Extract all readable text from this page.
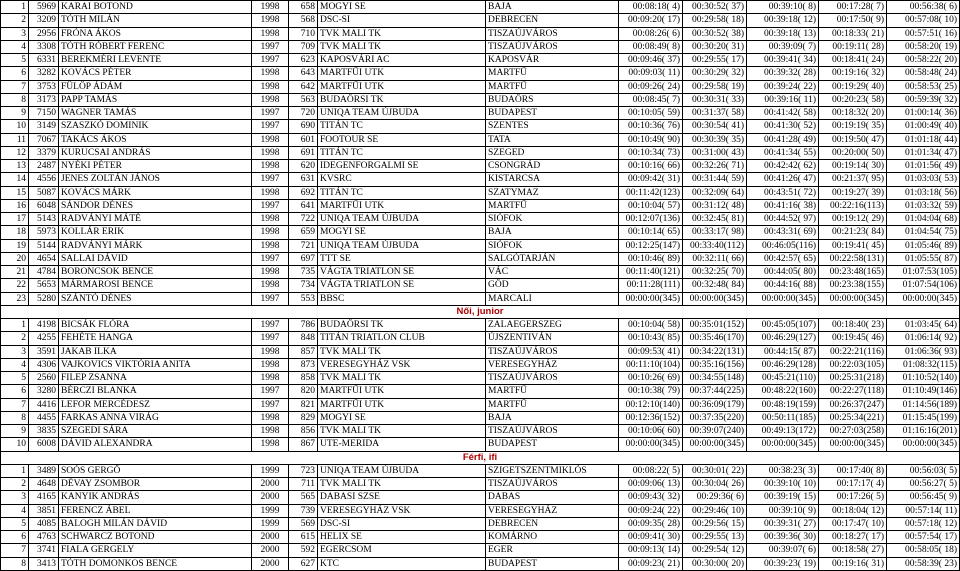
1	5969	KARAI BOTOND	1998	658	MOGYI SE	BAJA	00:08:18( 4)	00:30:52( 37)	00:39:10( 8)	00:17:28( 7)	00:56:38( 6)
2	3209	TÓTH MILÁN	1998	568	DSC-SI	DEBRECEN	00:09:20( 17)	00:29:58( 18)	00:39:18( 12)	00:17:50( 9)	00:57:08( 10)
3	2956	FRÓNA ÁKOS	1998	710	TVK MALI TK	TISZAÚJVÁROS	00:08:26( 6)	00:30:52( 38)	00:39:18( 13)	00:18:33( 21)	00:57:51( 16)
4	3308	TÓTH RÓBERT FERENC	1997	709	TVK MALI TK	TISZAÚJVÁROS	00:08:49( 8)	00:30:20( 31)	00:39:09( 7)	00:19:11( 28)	00:58:20( 19)
5	6331	BEREKMÉRI LEVENTE	1997	623	KAPOSVÁRI AC	KAPOSVÁR	00:09:46( 37)	00:29:55( 17)	00:39:41( 34)	00:18:41( 24)	00:58:22( 20)
6	3282	KOVÁCS PÉTER	1998	643	MARTFŰI UTK	MARTFŰ	00:09:03( 11)	00:30:29( 32)	00:39:32( 28)	00:19:16( 32)	00:58:48( 24)
7	3753	FÜLÖP ÁDÁM	1998	642	MARTFŰI UTK	MARTFŰ	00:09:26( 24)	00:29:58( 19)	00:39:24( 22)	00:19:29( 40)	00:58:53( 25)
8	3173	PAPP TAMÁS	1998	563	BUDAÖRSI TK	BUDAÖRS	00:08:45( 7)	00:30:31( 33)	00:39:16( 11)	00:20:23( 58)	00:59:39( 32)
9	7150	WAGNER TAMÁS	1997	720	UNIQA TEAM ÚJBUDA	BUDAPEST	00:10:05( 59)	00:31:37( 58)	00:41:42( 58)	00:18:32( 20)	01:00:14( 36)
10	3149	SZASZKÓ DOMINIK	1997	690	TITÁN TC	SZENTES	00:10:36( 76)	00:30:54( 41)	00:41:30( 52)	00:19:19( 35)	01:00:49( 40)
11	7067	TAKÁCS ÁKOS	1998	601	FOOTOUR SE	TATA	00:10:49( 90)	00:30:39( 35)	00:41:28( 49)	00:19:50( 47)	01:01:18( 44)
12	3379	KURUCSAI ANDRÁS	1998	691	TITÁN TC	SZEGED	00:10:34( 73)	00:31:00( 43)	00:41:34( 55)	00:20:00( 50)	01:01:34( 47)
13	2487	NYÉKI PÉTER	1998	620	IDEGENFORGALMI SE	CSONGRÁD	00:10:16( 66)	00:32:26( 71)	00:42:42( 62)	00:19:14( 30)	01:01:56( 49)
14	4556	JENES ZOLTÁN JÁNOS	1997	631	KVSRC	KISTARCSA	00:09:42( 31)	00:31:44( 59)	00:41:26( 47)	00:21:37( 95)	01:03:03( 53)
15	5087	KOVÁCS MÁRK	1998	692	TITÁN TC	SZATYMAZ	00:11:42(123)	00:32:09( 64)	00:43:51( 72)	00:19:27( 39)	01:03:18( 56)
16	6048	SÁNDOR DÉNES	1997	641	MARTFŰI UTK	MARTFŰ	00:10:04( 57)	00:31:12( 48)	00:41:16( 38)	00:22:16(113)	01:03:32( 59)
17	5143	RADVÁNYI MÁTÉ	1998	722	UNIQA TEAM ÚJBUDA	SIÓFOK	00:12:07(136)	00:32:45( 81)	00:44:52( 97)	00:19:12( 29)	01:04:04( 68)
18	5973	KOLLÁR ERIK	1998	659	MOGYI SE	BAJA	00:10:14( 65)	00:33:17( 98)	00:43:31( 69)	00:21:23( 84)	01:04:54( 75)
19	5144	RADVÁNYI MÁRK	1998	721	UNIQA TEAM ÚJBUDA	SIÓFOK	00:12:25(147)	00:33:40(112)	00:46:05(116)	00:19:41( 45)	01:05:46( 89)
20	4654	SALLAI DÁVID	1997	697	TTT SE	SALGÓTARJÁN	00:10:46( 89)	00:32:11( 66)	00:42:57( 65)	00:22:58(131)	01:05:55( 87)
21	4784	BORONCSOK BENCE	1998	735	VÁGTA TRIATLON SE	VÁC	00:11:40(121)	00:32:25( 70)	00:44:05( 80)	00:23:48(165)	01:07:53(105)
22	5653	MÁRMAROSI BENCE	1998	734	VÁGTA TRIATLON SE	GÖD	00:11:28(111)	00:32:48( 84)	00:44:16( 88)	00:23:38(155)	01:07:54(106)
23	5280	SZÁNTÓ DÉNES	1997	553	BBSC	MARCALI	00:00:00(345)	00:00:00(345)	00:00:00(345)	00:00:00(345)	00:00:00(345)
Női, junior											
1	4198	BICSÁK FLÓRA	1997	786	BUDAÖRSI TK	ZALAEGERSZEG	00:10:04( 58)	00:35:01(152)	00:45:05(107)	00:18:40( 23)	01:03:45( 64)
2	4255	FEHÉTE HANGA	1997	848	TITÁN TRIATLON CLUB	ÚJSZENTIVÁN	00:10:43( 85)	00:35:46(170)	00:46:29(127)	00:19:45( 46)	01:06:14( 92)
3	3591	JAKAB ILKA	1998	857	TVK MALI TK	TISZAÚJVÁROS	00:09:53( 41)	00:34:22(131)	00:44:15( 87)	00:22:21(116)	01:06:36( 93)
4	4306	VAJKOVICS VIKTÓRIA ANITA	1998	873	VERESEGYHÁZ VSK	VERESEGYHÁZ	00:11:10(104)	00:35:16(156)	00:46:29(128)	00:22:03(105)	01:08:32(115)
5	2560	FILEP ZSANNA	1998	858	TVK MALI TK	TISZAÚJVÁROS	00:10:26( 69)	00:34:55(148)	00:45:21(110)	00:25:31(218)	01:10:52(140)
6	3280	BÉRCZI BLANKA	1997	820	MARTFŰI UTK	MARTFŰ	00:10:38( 79)	00:37:44(225)	00:48:22(160)	00:22:27(118)	01:10:49(146)
7	4416	LEFOR MERCÉDESZ	1997	821	MARTFŰI UTK	MARTFŰ	00:12:10(140)	00:36:09(179)	00:48:19(159)	00:26:37(247)	01:14:56(189)
8	4455	FARKAS ANNA VIRÁG	1998	829	MOGYI SE	BAJA	00:12:36(152)	00:37:35(220)	00:50:11(185)	00:25:34(221)	01:15:45(199)
9	3835	SZEGEDI SÁRA	1998	856	TVK MALI TK	TISZAÚJVÁROS	00:10:06( 60)	00:39:07(240)	00:49:13(172)	00:27:03(258)	01:16:16(201)
10	6008	DÁVID ALEXANDRA	1998	867	UTE-MERIDA	BUDAPEST	00:00:00(345)	00:00:00(345)	00:00:00(345)	00:00:00(345)	00:00:00(345)
Férfi, ifi											
1	3489	SOÓS GERGŐ	1999	723	UNIQA TEAM ÚJBUDA	SZIGETSZENTMIKLÓS	00:08:22( 5)	00:30:01( 22)	00:38:23( 3)	00:17:40( 8)	00:56:03( 5)
2	4648	DÉVAY ZSOMBOR	2000	711	TVK MALI TK	TISZAÚJVÁROS	00:09:06( 13)	00:30:04( 26)	00:39:10( 10)	00:17:17( 4)	00:56:27( 5)
3	4165	KANYIK ANDRÁS	2000	565	DABASI SZSE	DABAS	00:09:43( 32)	00:29:36( 6)	00:39:19( 15)	00:17:26( 5)	00:56:45( 9)
4	3851	FERENCZ ÁBEL	1999	739	VERESEGYHÁZ VSK	VERESEGYHÁZ	00:09:24( 22)	00:29:46( 10)	00:39:10( 9)	00:18:04( 12)	00:57:14( 11)
5	4085	BALOGH MILÁN DÁVID	1999	569	DSC-SI	DEBRECEN	00:09:35( 28)	00:29:56( 15)	00:39:31( 27)	00:17:47( 10)	00:57:18( 12)
6	4763	SCHWARCZ BOTOND	2000	615	HELIX SE	KOMÁRNO	00:09:41( 30)	00:29:55( 13)	00:39:36( 30)	00:18:27( 17)	00:57:54( 17)
7	3741	FIALA GERGELY	2000	592	EGERCSOM	EGER	00:09:13( 14)	00:29:54( 12)	00:39:07( 6)	00:18:58( 27)	00:58:05( 18)
8	3413	TÓTH DOMONKOS BENCE	2000	627	KTC	BUDAPEST	00:09:23( 21)	00:30:00( 20)	00:39:23( 19)	00:19:16( 31)	00:58:39( 23)
